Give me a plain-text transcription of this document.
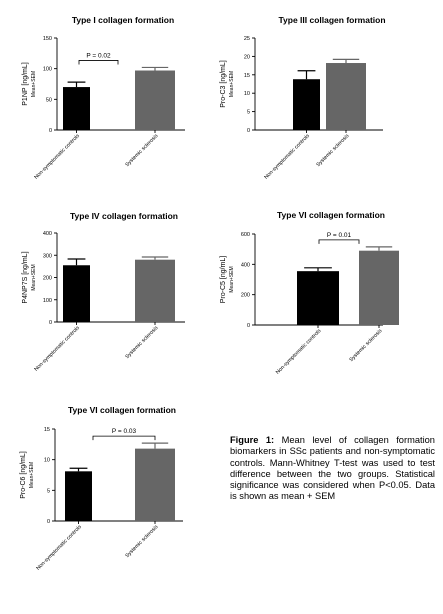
Type I collagen formation
0
50
100
150
P1NP [ng/mL] Mean+SEM
Non-symptomatic controls	Systemic sclerosis
P = 0.02
Type III collagen formation
0
5
10
15
20
25
Pro-C3 [ng/mL] Mean+SEM
Non-symptomatic controls Systemic sclerosis
Type IV collagen formation
0
100
200
300
400
P4NP7S [ng/mL] Mean+SEM
Non-symptomatic controls	Systemic sclerosis
Type VI collagen formation
0
200
400
600
Pro-C5 [ng/mL] Mean+SEM
Non-symptomatic controls	Systemic sclerosis
P = 0.01
Type VI collagen formation
0
5
10
15
Pro-C6 [ng/mL] Mean+SEM
Non-symptomatic controls	Systemic sclerosis
P = 0.03
Figure 1: Mean level of collagen formation biomarkers in SSc patients and non-symptomatic controls. Mann-Whitney T-test was used to test difference between the two groups. Statistical significance was considered when P<0.05. Data is shown as mean + SEM
